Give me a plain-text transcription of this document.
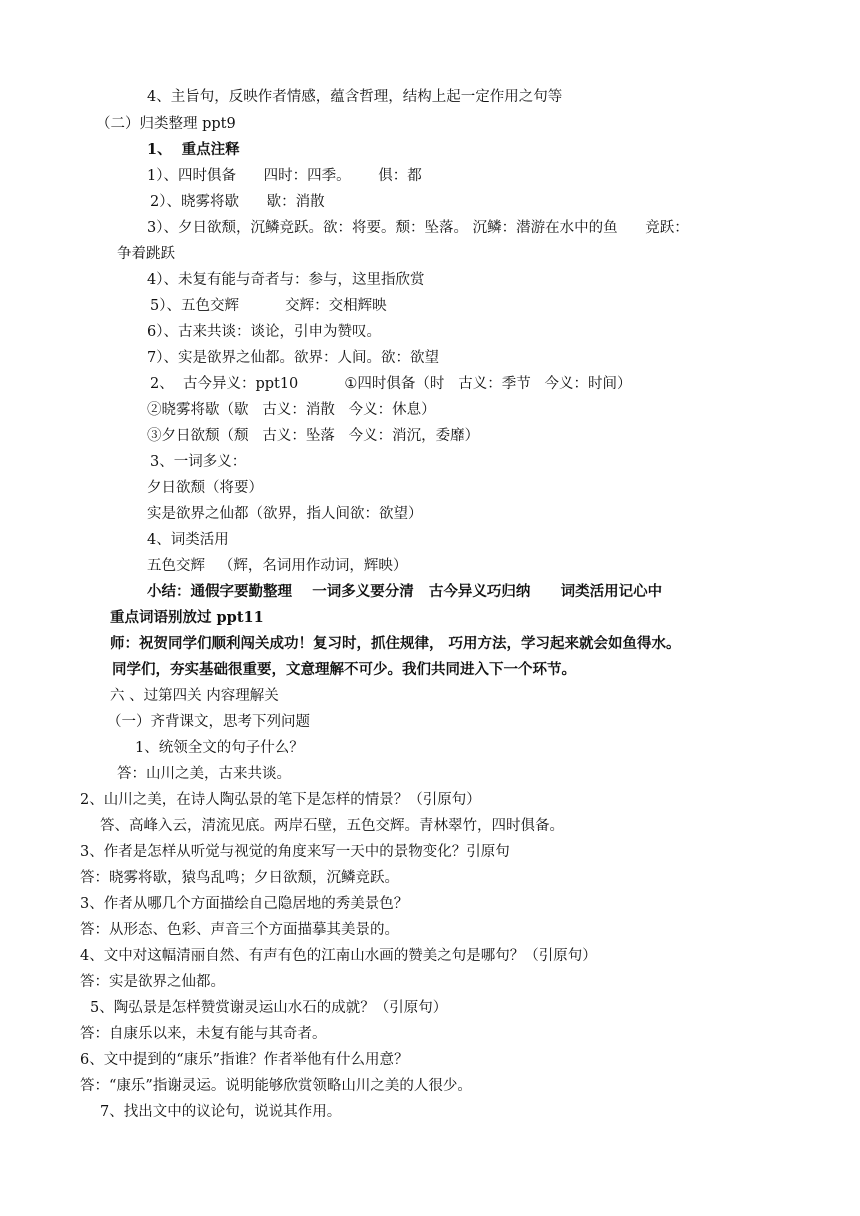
4、主旨句，反映作者情感，蕴含哲理，结构上起一定作用之句等
（二）归类整理 ppt9
1、  重点注释
1）、四时俱备      四时：四季。      俱：都
2）、晓雾将歇      歇：消散
3）、夕日欲颓，沉鳞竞跃。欲：将要。颓：坠落。 沉鳞：潜游在水中的鱼      竞跃：
争着跳跃
4）、未复有能与奇者与：参与，这里指欣赏
5）、五色交辉          交辉：交相辉映
6）、古来共谈：谈论，引申为赞叹。
7）、实是欲界之仙都。欲界：人间。欲：欲望
2、  古今异义：ppt10          ①四时俱备（时   古义：季节   今义：时间）
②晓雾将歇（歇   古义：消散   今义：休息）
③夕日欲颓（颓   古义：坠落   今义：消沉，委靡）
3、一词多义：
夕日欲颓（将要）
实是欲界之仙都（欲界，指人间欲：欲望）
4、词类活用
五色交辉   （辉，名词用作动词，辉映）
小结：通假字要勤整理    一词多义要分清   古今异义巧归纳      词类活用记心中
重点词语别放过 ppt11
师：祝贺同学们顺利闯关成功！复习时，抓住规律， 巧用方法，学习起来就会如鱼得水。
同学们，夯实基础很重要，文意理解不可少。我们共同进入下一个环节。
六 、过第四关 内容理解关
（一）齐背课文，思考下列问题
1、统领全文的句子什么？
答：山川之美，古来共谈。
2、山川之美，在诗人陶弘景的笔下是怎样的情景？（引原句）
答、高峰入云，清流见底。两岸石壁，五色交辉。青林翠竹，四时俱备。
3、作者是怎样从听觉与视觉的角度来写一天中的景物变化？引原句
答：晓雾将歇，猿鸟乱鸣；夕日欲颓，沉鳞竞跃。
3、作者从哪几个方面描绘自己隐居地的秀美景色？
答：从形态、色彩、声音三个方面描摹其美景的。
4、文中对这幅清丽自然、有声有色的江南山水画的赞美之句是哪句？（引原句）
答：实是欲界之仙都。
5、陶弘景是怎样赞赏谢灵运山水石的成就？（引原句）
答：自康乐以来，未复有能与其奇者。
6、文中提到的“康乐”指谁？作者举他有什么用意？
答：“康乐”指谢灵运。说明能够欣赏领略山川之美的人很少。
7、找出文中的议论句，说说其作用。
